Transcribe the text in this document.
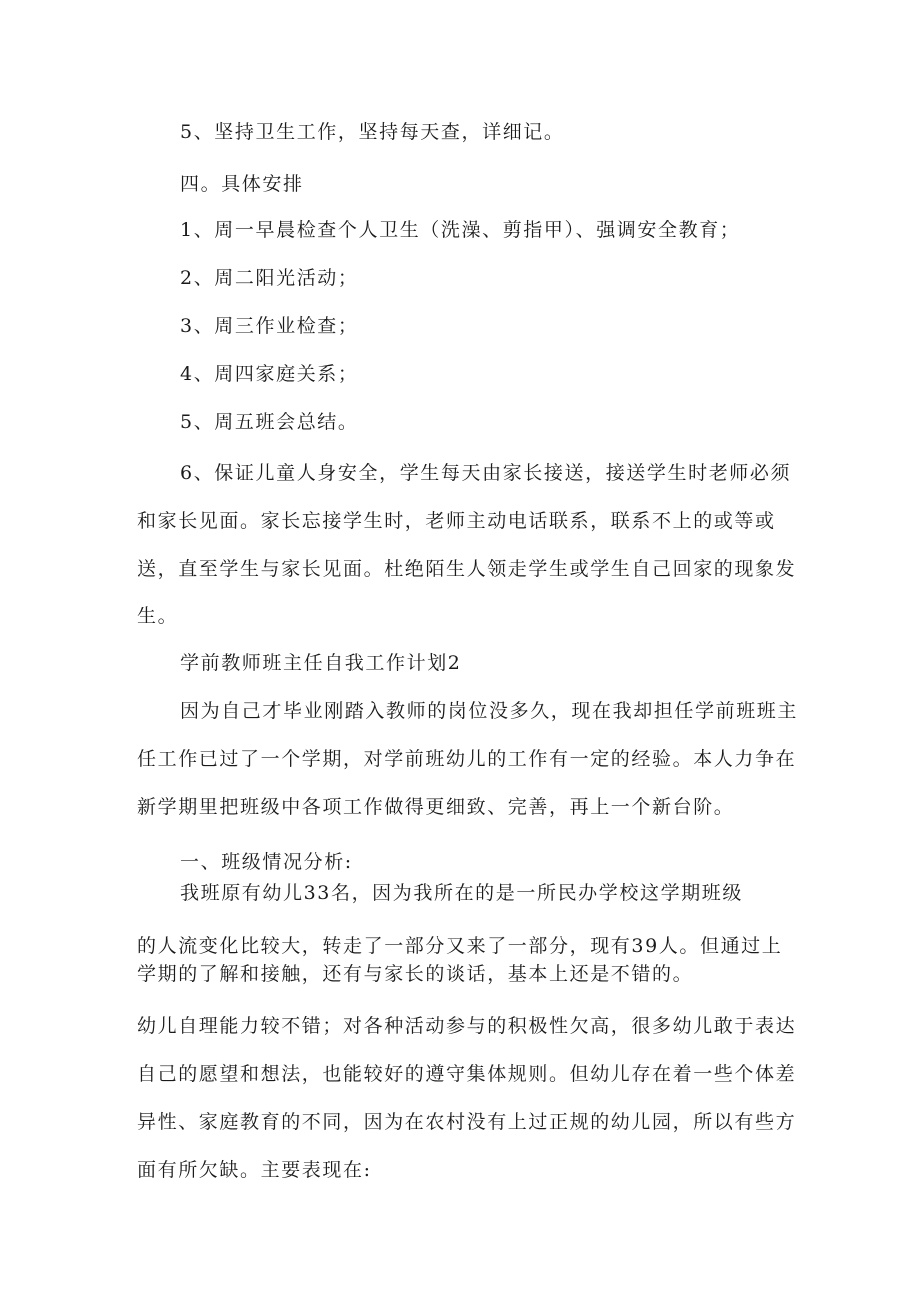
5、坚持卫生工作，坚持每天查，详细记。
四。具体安排
1、周一早晨检查个人卫生（洗澡、剪指甲）、强调安全教育；
2、周二阳光活动；
3、周三作业检查；
4、周四家庭关系；
5、周五班会总结。
6、保证儿童人身安全，学生每天由家长接送，接送学生时老师必须
和家长见面。家长忘接学生时，老师主动电话联系，联系不上的或等或
送，直至学生与家长见面。杜绝陌生人领走学生或学生自己回家的现象发
生。
学前教师班主任自我工作计划2
因为自己才毕业刚踏入教师的岗位没多久，现在我却担任学前班班主
任工作已过了一个学期，对学前班幼儿的工作有一定的经验。本人力争在
新学期里把班级中各项工作做得更细致、完善，再上一个新台阶。
一、班级情况分析:
我班原有幼儿33名，因为我所在的是一所民办学校这学期班级
的人流变化比较大，转走了一部分又来了一部分，现有39人。但通过上
学期的了解和接触，还有与家长的谈话，基本上还是不错的。
幼儿自理能力较不错；对各种活动参与的积极性欠高，很多幼儿敢于表达
自己的愿望和想法，也能较好的遵守集体规则。但幼儿存在着一些个体差
异性、家庭教育的不同，因为在农村没有上过正规的幼儿园，所以有些方
面有所欠缺。主要表现在:
